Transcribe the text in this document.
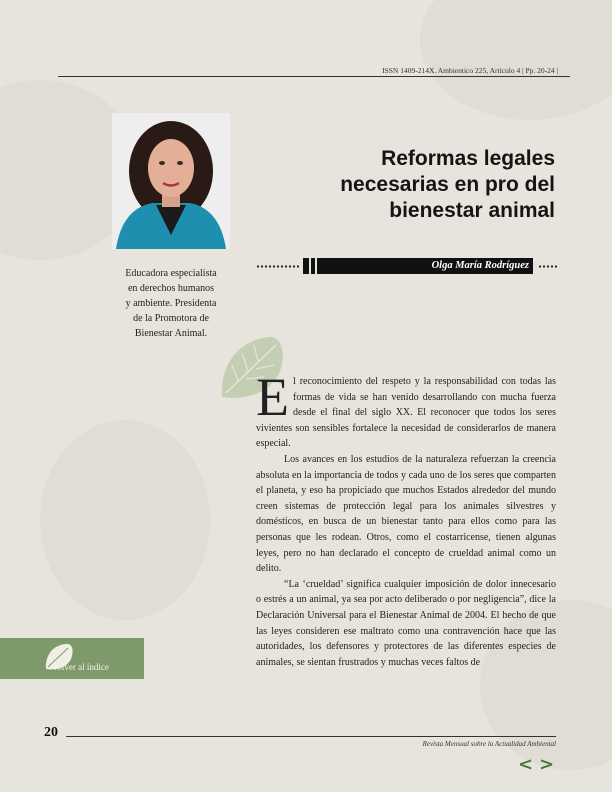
ISSN 1409-214X. Ambientico 225, Artículo 4 | Pp. 20-24 |
Educadora especialista
en derechos humanos
y ambiente. Presidenta
de la Promotora de
Bienestar Animal.
Reformas legales
necesarias en pro del
bienestar animal
Olga María Rodríguez

El reconocimiento del respeto y la responsabilidad con todas las formas de vida se han venido desarrollando con mucha fuerza desde el final del siglo XX. El reconocer que todos los seres vivientes son sensibles fortalece la necesidad de considerarlos de manera especial.

Los avances en los estudios de la naturaleza refuerzan la creencia absoluta en la importancia de todos y cada uno de los seres que comparten el planeta, y eso ha propiciado que muchos Estados alrededor del mundo creen sistemas de protección legal para los animales silvestres y domésticos, en busca de un bienestar tanto para ellos como para las personas que les rodean. Otros, como el costarricense, tienen algunas leyes, pero no han declarado el concepto de crueldad animal como un delito.

“La ‘crueldad’ significa cualquier imposición de dolor innecesario o estrés a un animal, ya sea por acto deliberado o por negligencia”, dice la Declaración Universal para el Bienestar Animal de 2004. El hecho de que las leyes consideren ese maltrato como una contravención hace que las autoridades, los defensores y protectores de las diferentes especies de animales, se sientan frustrados y muchas veces faltos de

Volver al índice
20
Revista Mensual sobre la Actualidad Ambiental
< >
